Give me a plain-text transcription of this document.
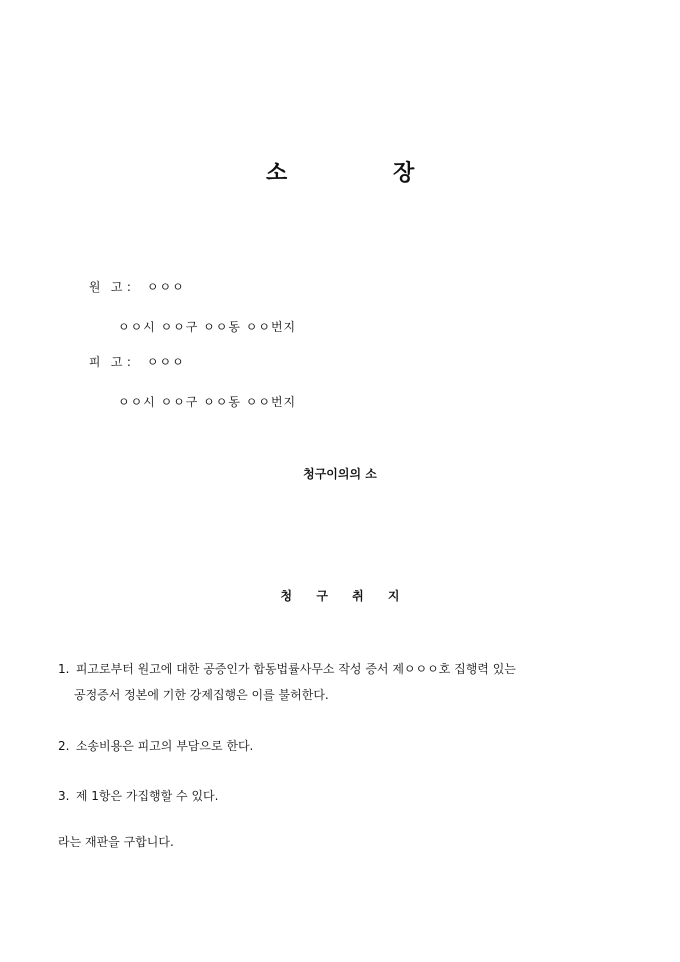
소	장

원 고 : ㅇㅇㅇ

ㅇㅇ시 ㅇㅇ구 ㅇㅇ동 ㅇㅇ번지

피 고 : ㅇㅇㅇ

ㅇㅇ시 ㅇㅇ구 ㅇㅇ동 ㅇㅇ번지
청구이의의 소
청 구 취 지
1. 피고로부터 원고에 대한 공증인가 합동법률사무소 작성 증서 제ㅇㅇㅇ호 집행력 있는
공정증서 정본에 기한 강제집행은 이를 불허한다.
2. 소송비용은 피고의 부담으로 한다.
3. 제 1항은 가집행할 수 있다.
라는 재판을 구합니다.
